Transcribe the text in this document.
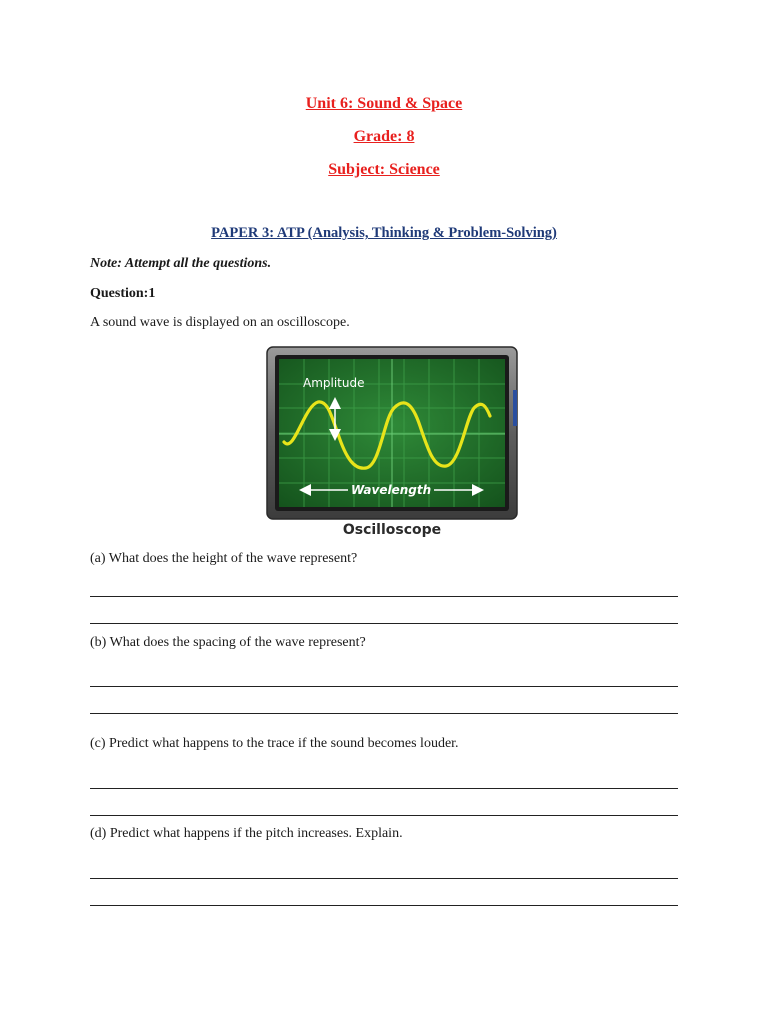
Unit 6: Sound & Space
Grade: 8
Subject: Science
PAPER 3: ATP (Analysis, Thinking & Problem-Solving)
Note: Attempt all the questions.
Question:1
A sound wave is displayed on an oscilloscope.
Amplitude
Wavelength
Oscilloscope
(a) What does the height of the wave represent?
(b) What does the spacing of the wave represent?
(c) Predict what happens to the trace if the sound becomes louder.
(d) Predict what happens if the pitch increases. Explain.
